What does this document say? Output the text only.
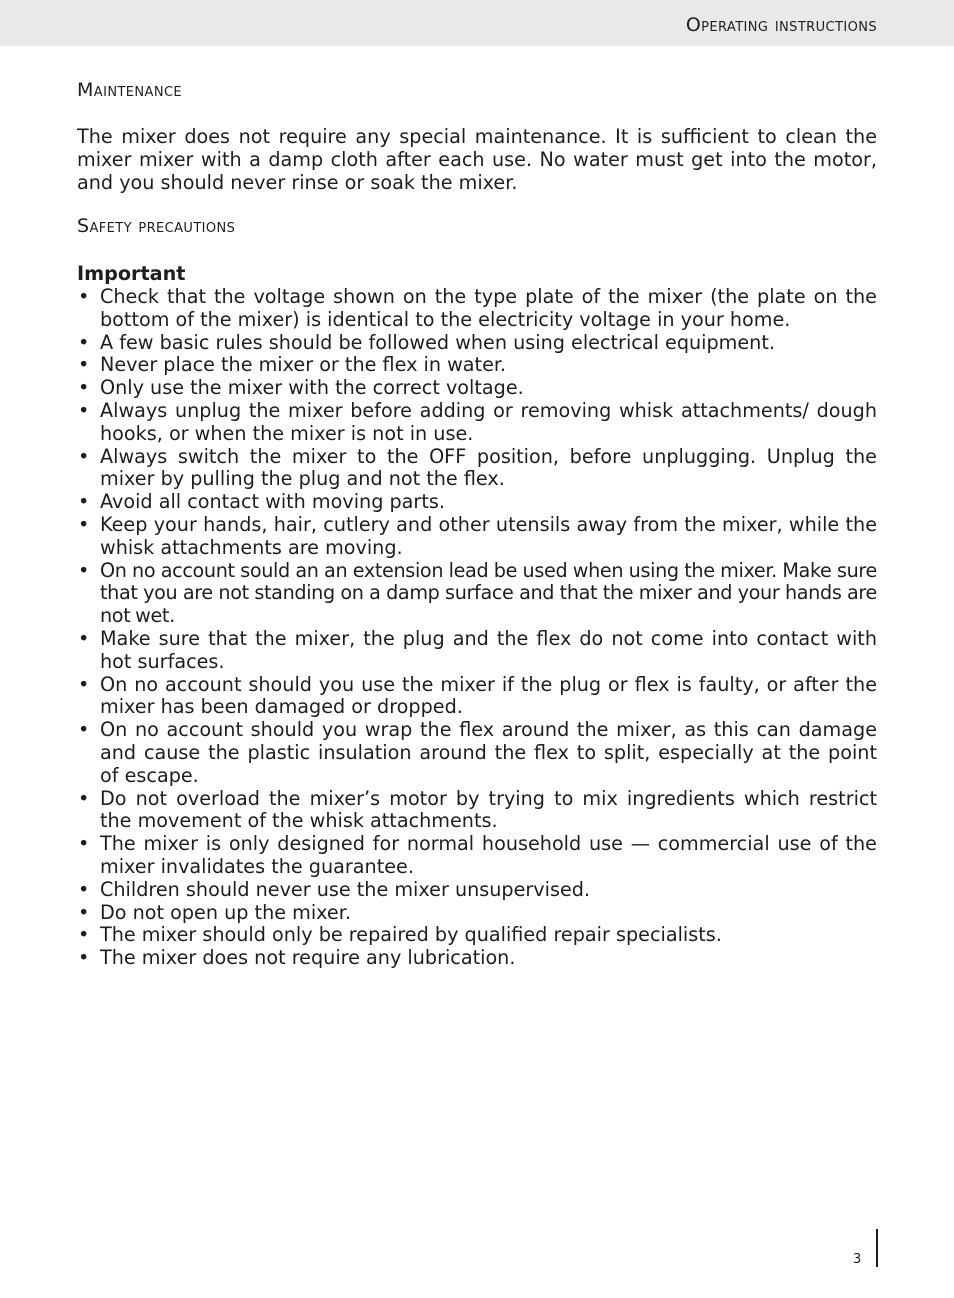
Operating instructions
Maintenance

The mixer does not require any special maintenance. It is sufficient to clean the mixer mixer with a damp cloth after each use. No water must get into the motor, and you should never rinse or soak the mixer.

Safety precautions
Important
• Check that the voltage shown on the type plate of the mixer (the plate on the bottom of the mixer) is identical to the electricity voltage in your home.
• A few basic rules should be followed when using electrical equipment.
• Never place the mixer or the flex in water.
• Only use the mixer with the correct voltage.
• Always unplug the mixer before adding or removing whisk attachments/ dough hooks, or when the mixer is not in use.
• Always switch the mixer to the OFF position, before unplugging. Unplug the mixer by pulling the plug and not the flex.
• Avoid all contact with moving parts.
• Keep your hands, hair, cutlery and other utensils away from the mixer, while the whisk attachments are moving.
• On no account sould an an extension lead be used when using the mixer. Make sure that you are not standing on a damp surface and that the mixer and your hands are not wet.
• Make sure that the mixer, the plug and the flex do not come into contact with hot surfaces.
• On no account should you use the mixer if the plug or flex is faulty, or after the mixer has been damaged or dropped.
• On no account should you wrap the flex around the mixer, as this can damage and cause the plastic insulation around the flex to split, especially at the point of escape.
• Do not overload the mixer’s motor by trying to mix ingredients which restrict the movement of the whisk attachments.
• The mixer is only designed for normal household use — commercial use of the mixer invalidates the guarantee.
• Children should never use the mixer unsupervised.
• Do not open up the mixer.
• The mixer should only be repaired by qualified repair specialists.
• The mixer does not require any lubrication.
3
